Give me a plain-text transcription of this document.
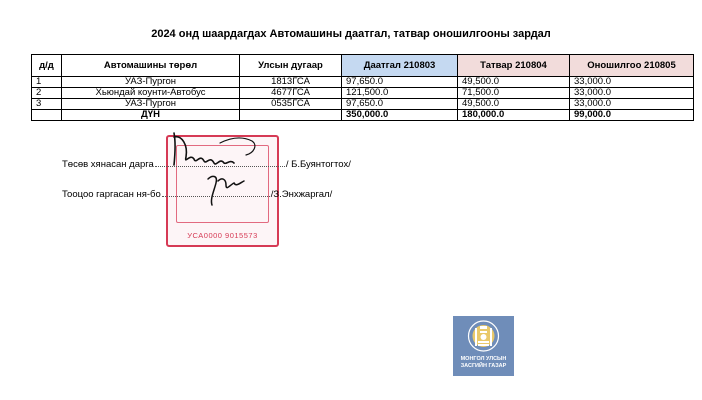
2024 онд шаардагдах Автомашины даатгал, татвар оношилгооны зардал
д/д	Автомашины төрөл	Улсын дугаар	Даатгал 210803	Татвар 210804	Оношилгоо 210805
1	УАЗ-Пургон	1813ГСА	97,650.0	49,500.0	33,000.0
2	Хьюндай коунти-Автобус	4677ГСА	121,500.0	71,500.0	33,000.0
3	УАЗ-Пургон	0535ГСА	97,650.0	49,500.0	33,000.0
	ДҮН		350,000.0	180,000.0	99,000.0
УСА0000 9015573
Төсөв хянасан дарга	/ Б.Буянтогтох/
Тооцоо гаргасан ня-бо	/З.Энхжаргал/
МОНГОЛ УЛСЫН
ЗАСГИЙН ГАЗАР
